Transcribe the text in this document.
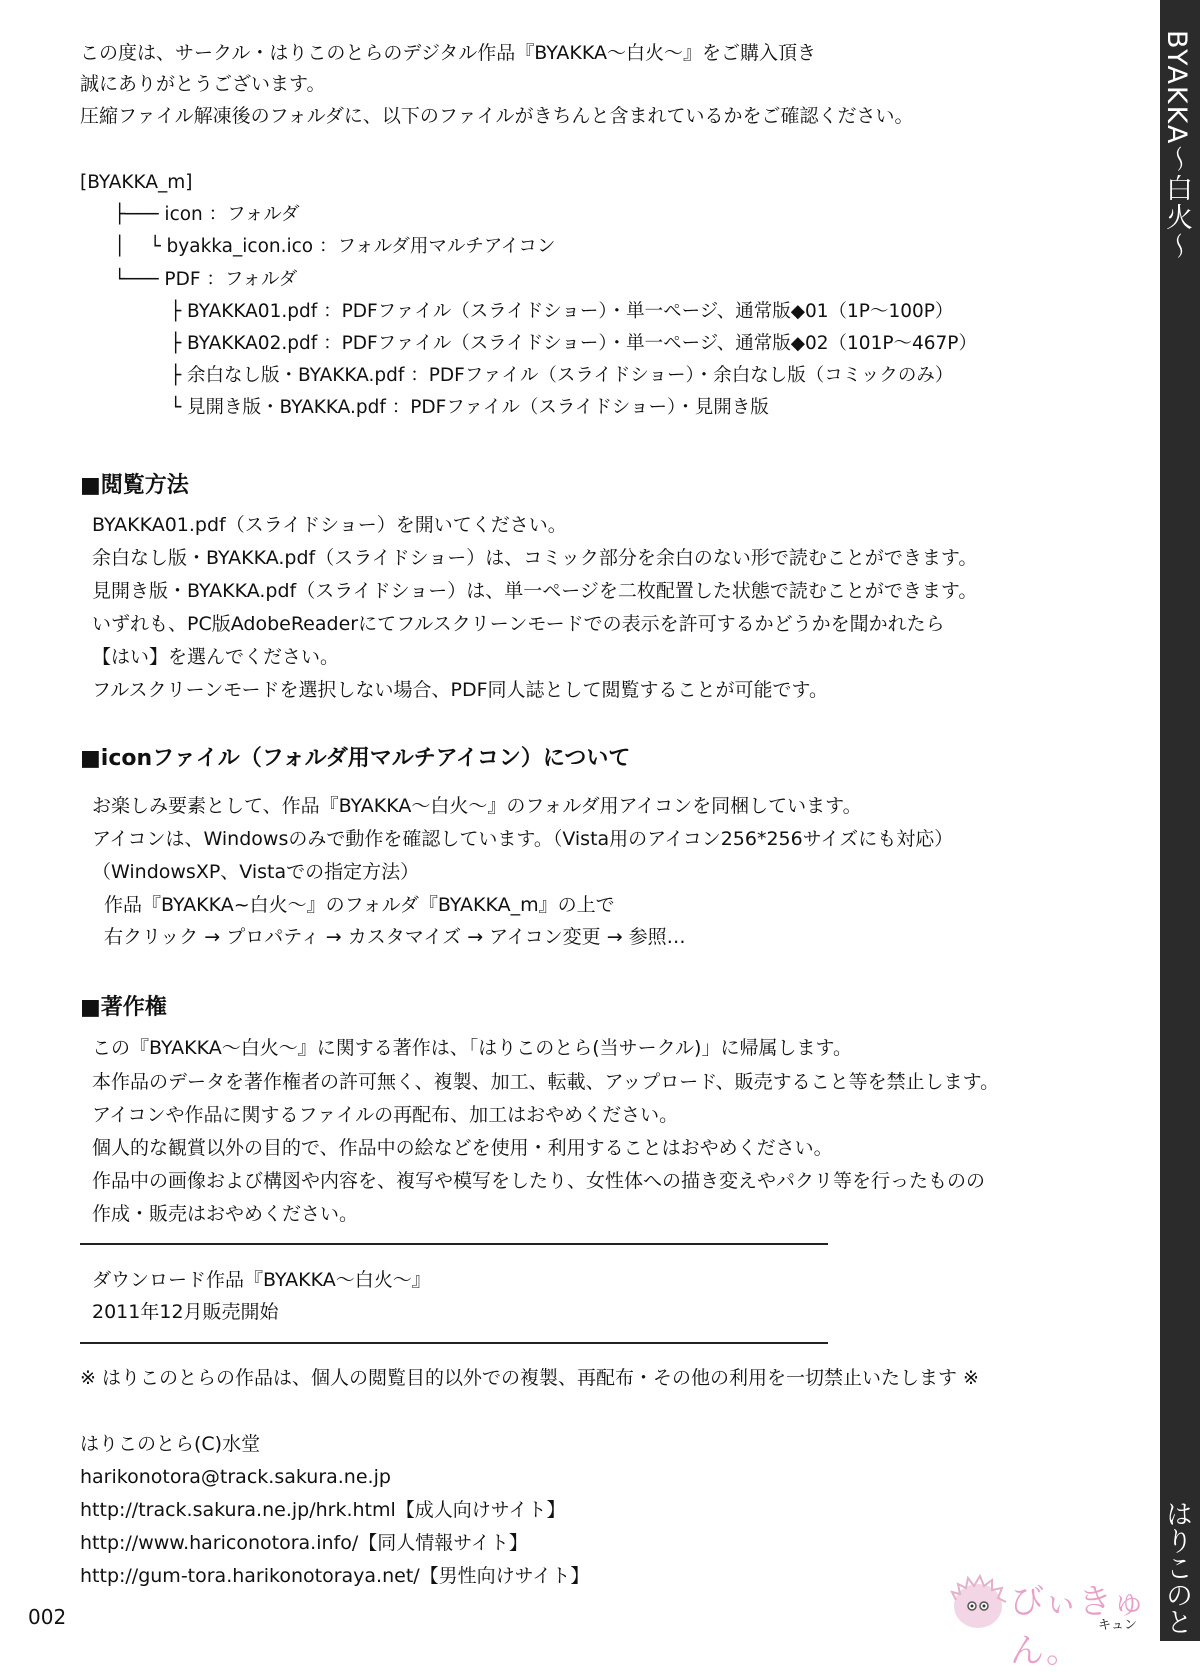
この度は、サークル・はりこのとらのデジタル作品『BYAKKA～白火～』をご購入頂き
誠にありがとうございます。
圧縮ファイル解凍後のフォルダに、以下のファイルがきちんと含まれているかをご確認ください。
[BYAKKA_m]
├─── icon ：フォルダ
│　 └ byakka_icon.ico ：フォルダ用マルチアイコン
└─── PDF ：フォルダ
├ BYAKKA01.pdf ：PDFファイル（スライドショー）・単一ページ、通常版◆01（1P～100P）
├ BYAKKA02.pdf ：PDFファイル（スライドショー）・単一ページ、通常版◆02（101P～467P）
├ 余白なし版・BYAKKA.pdf ：PDFファイル（スライドショー）・余白なし版（コミックのみ）
└ 見開き版・BYAKKA.pdf ：PDFファイル（スライドショー）・見開き版
■閲覧方法
BYAKKA01.pdf（スライドショー）を開いてください。
余白なし版・BYAKKA.pdf（スライドショー）は、コミック部分を余白のない形で読むことができます。
見開き版・BYAKKA.pdf（スライドショー）は、単一ページを二枚配置した状態で読むことができます。
いずれも、PC版AdobeReaderにてフルスクリーンモードでの表示を許可するかどうかを聞かれたら
【はい】を選んでください。
フルスクリーンモードを選択しない場合、PDF同人誌として閲覧することが可能です。
■iconファイル（フォルダ用マルチアイコン）について
お楽しみ要素として、作品『BYAKKA～白火～』のフォルダ用アイコンを同梱しています。
アイコンは、Windowsのみで動作を確認しています。（Vista用のアイコン256*256サイズにも対応）
（WindowsXP、Vistaでの指定方法）
作品『BYAKKA~白火～』のフォルダ『BYAKKA_m』の上で
右クリック → プロパティ → カスタマイズ → アイコン変更 → 参照…
■著作権
この『BYAKKA～白火～』に関する著作は、「はりこのとら(当サークル)」に帰属します。
本作品のデータを著作権者の許可無く、複製、加工、転載、アップロード、販売すること等を禁止します。
アイコンや作品に関するファイルの再配布、加工はおやめください。
個人的な観賞以外の目的で、作品中の絵などを使用・利用することはおやめください。
作品中の画像および構図や内容を、複写や模写をしたり、女性体への描き変えやパクリ等を行ったものの
作成・販売はおやめください。
ダウンロード作品『BYAKKA～白火～』
2011年12月販売開始
※ はりこのとらの作品は、個人の閲覧目的以外での複製、再配布・その他の利用を一切禁止いたします ※
はりこのとら(C)水堂
harikonotora@track.sakura.ne.jp
http://track.sakura.ne.jp/hrk.html【成人向けサイト】
http://www.hariconotora.info/【同人情報サイト】
http://gum-tora.harikonotoraya.net/【男性向けサイト】
002
BYAKKA～白火～
はりこのと
びぃきゅん。
キュン
